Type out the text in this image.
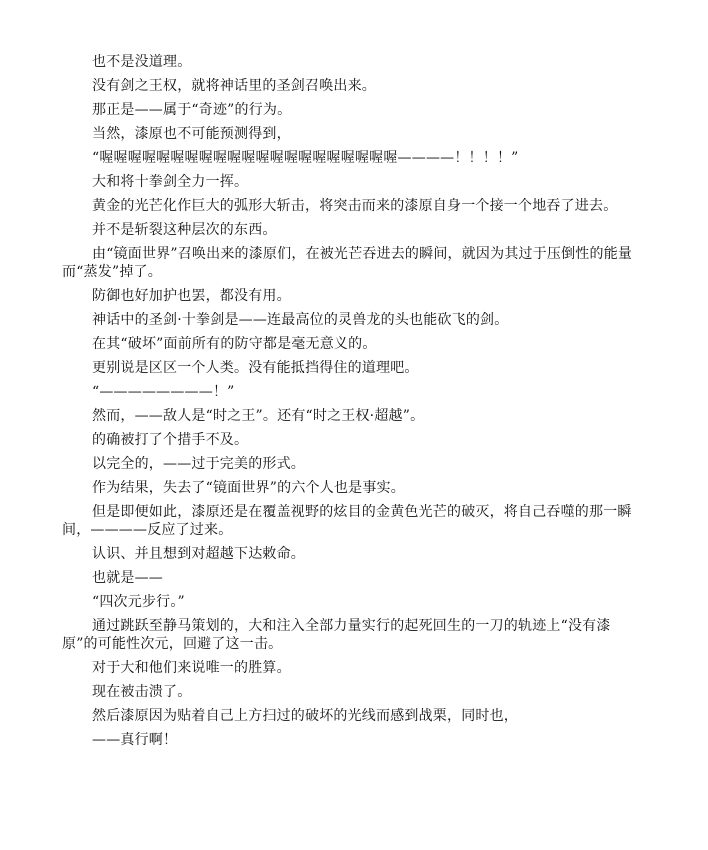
也不是没道理。

没有剑之王权，就将神话里的圣剑召唤出来。

那正是——属于“奇迹”的行为。

当然，漆原也不可能预测得到，

“喔喔喔喔喔喔喔喔喔喔喔喔喔喔喔喔喔喔喔喔喔————！！！！”

大和将十拳剑全力一挥。

黄金的光芒化作巨大的弧形大斩击，将突击而来的漆原自身一个接一个地吞了进去。

并不是斩裂这种层次的东西。

由“镜面世界”召唤出来的漆原们，在被光芒吞进去的瞬间，就因为其过于压倒性的能量而“蒸发”掉了。

防御也好加护也罢，都没有用。

神话中的圣剑·十拳剑是——连最高位的灵兽龙的头也能砍飞的剑。

在其“破坏”面前所有的防守都是毫无意义的。

更别说是区区一个人类。没有能抵挡得住的道理吧。

“————————！”

然而，——敌人是“时之王”。还有“时之王权·超越”。

的确被打了个措手不及。

以完全的，——过于完美的形式。

作为结果，失去了“镜面世界”的六个人也是事实。

但是即便如此，漆原还是在覆盖视野的炫目的金黄色光芒的破灭，将自己吞噬的那一瞬间，————反应了过来。

认识、并且想到对超越下达敕命。

也就是——

“四次元步行。”

通过跳跃至静马策划的，大和注入全部力量实行的起死回生的一刀的轨迹上“没有漆原”的可能性次元，回避了这一击。

对于大和他们来说唯一的胜算。

现在被击溃了。

然后漆原因为贴着自己上方扫过的破坏的光线而感到战栗，同时也，

——真行啊！
